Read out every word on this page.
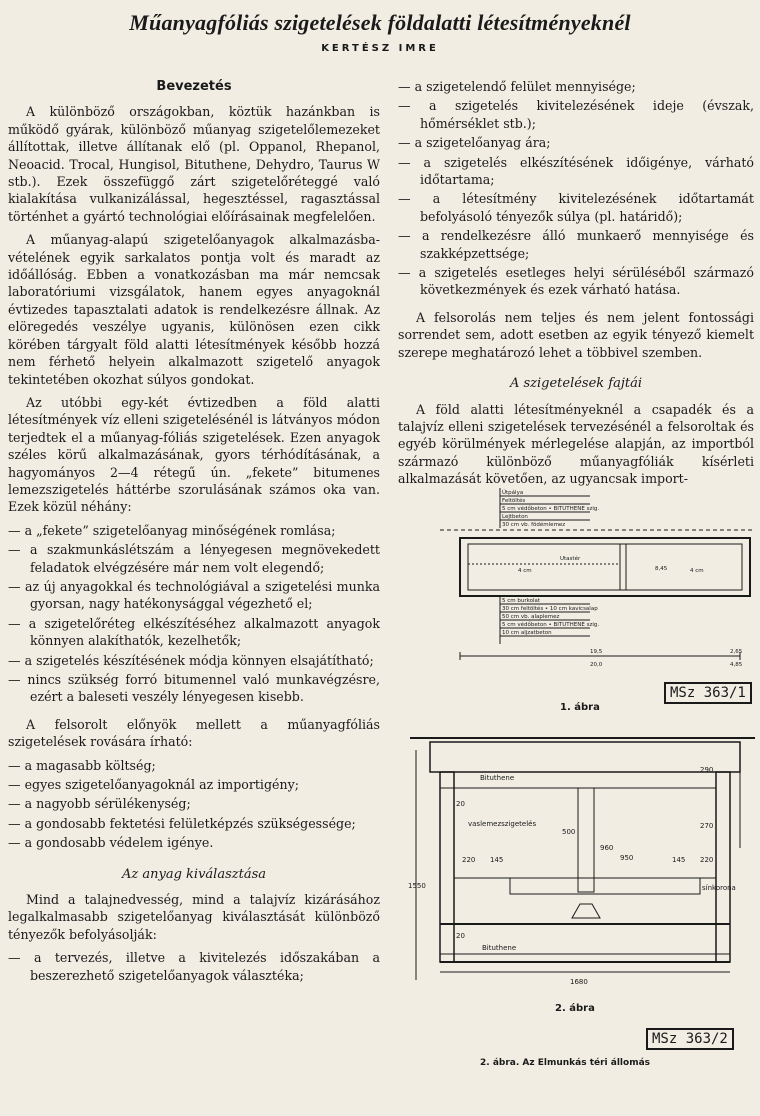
Műanyagfóliás szigetelések földalatti létesítményeknél
KERTÉSZ IMRE
Bevezetés

A különböző országokban, köztük hazánkban is működő gyárak, különböző műanyag szigetelőlemezeket állítottak, illetve állítanak elő (pl. Oppanol, Rhepanol, Neoacid. Trocal, Hungisol, Bituthene, Dehydro, Taurus W stb.). Ezek összefüggő zárt szigetelőréteggé való kialakítása vulkanizálással, hegesztéssel, ragasztással történhet a gyártó technológiai előírásainak megfelelően.

A műanyag-alapú szigetelőanyagok alkalmazásba-vételének egyik sarkalatos pontja volt és maradt az időállóság. Ebben a vonatkozásban ma már nemcsak laboratóriumi vizsgálatok, hanem egyes anyagoknál évtizedes tapasztalati adatok is rendelkezésre állnak. Az elöregedés veszélye ugyanis, különösen ezen cikk körében tárgyalt föld alatti létesítmények később hozzá nem férhető helyein alkalmazott szigetelő anyagok tekintetében okozhat súlyos gondokat.

Az utóbbi egy-két évtizedben a föld alatti létesítmények víz elleni szigetelésénél is látványos módon terjedtek el a műanyag-fóliás szigetelések. Ezen anyagok széles körű alkalmazásának, gyors térhódításának, a hagyományos 2—4 rétegű ún. „fekete” bitumenes lemezszigetelés háttérbe szorulásának számos oka van. Ezek közül néhány:

— a „fekete” szigetelőanyag minőségének romlása;
— a szakmunkáslétszám a lényegesen megnövekedett feladatok elvégzésére már nem volt elegendő;
— az új anyagokkal és technológiával a szigetelési munka gyorsan, nagy hatékonysággal végezhető el;
— a szigetelőréteg elkészítéséhez alkalmazott anyagok könnyen alakíthatók, kezelhetők;
— a szigetelés készítésének módja könnyen elsajátítható;
— nincs szükség forró bitumennel való munkavégzésre, ezért a baleseti veszély lényegesen kisebb.

A felsorolt előnyök mellett a műanyagfóliás szigetelések rovására írható:

— a magasabb költség;
— egyes szigetelőanyagoknál az importigény;
— a nagyobb sérülékenység;
— a gondosabb fektetési felületképzés szükségessége;
— a gondosabb védelem igénye.
Az anyag kiválasztása

Mind a talajnedvesség, mind a talajvíz kizárásához legalkalmasabb szigetelőanyag kiválasztását különböző tényezők befolyásolják:

— a tervezés, illetve a kivitelezés időszakában a beszerezhető szigetelőanyagok választéka;
— a szigetelendő felület mennyisége;
— a szigetelés kivitelezésének ideje (évszak, hőmérséklet stb.);
— a szigetelőanyag ára;
— a szigetelés elkészítésének időigénye, várható időtartama;
— a létesítmény kivitelezésének időtartamát befolyásoló tényezők súlya (pl. határidő);
— a rendelkezésre álló munkaerő mennyisége és szakképzettsége;
— a szigetelés esetleges helyi sérüléséből származó következmények és ezek várható hatása.

A felsorolás nem teljes és nem jelent fontossági sorrendet sem, adott esetben az egyik tényező kiemelt szerepe meghatározó lehet a többivel szemben.

A szigetelések fajtái

A föld alatti létesítményeknél a csapadék és a talajvíz elleni szigetelések tervezésénél a felsoroltak és egyéb körülmények mérlegelése alapján, az importból származó különböző műanyagfóliák kísérleti alkalmazását követően, az ugyancsak import-

Útpálya
Feltöltés
5 cm védőbeton • BITUTHENE szig.
Lejtbeton
30 cm vb. födémlemez
Utastér
8,45
5 cm burkolat
30 cm feltöltés • 10 cm kavicsalap
50 cm vb. alaplemez
5 cm védőbeton • BITUTHENE szig.
10 cm aljzatbeton
19,5
20,0
2,65
4,85
4 cm	4 cm
MSz 363/1
1. ábra
Bituthene
vaslemezszigetelés
500
960
950
220 145	145 220
20
20
290
270
1550
1680
Bituthene
sínkorona
2. ábra
MSz 363/2
2. ábra. Az Elmunkás téri állomás
